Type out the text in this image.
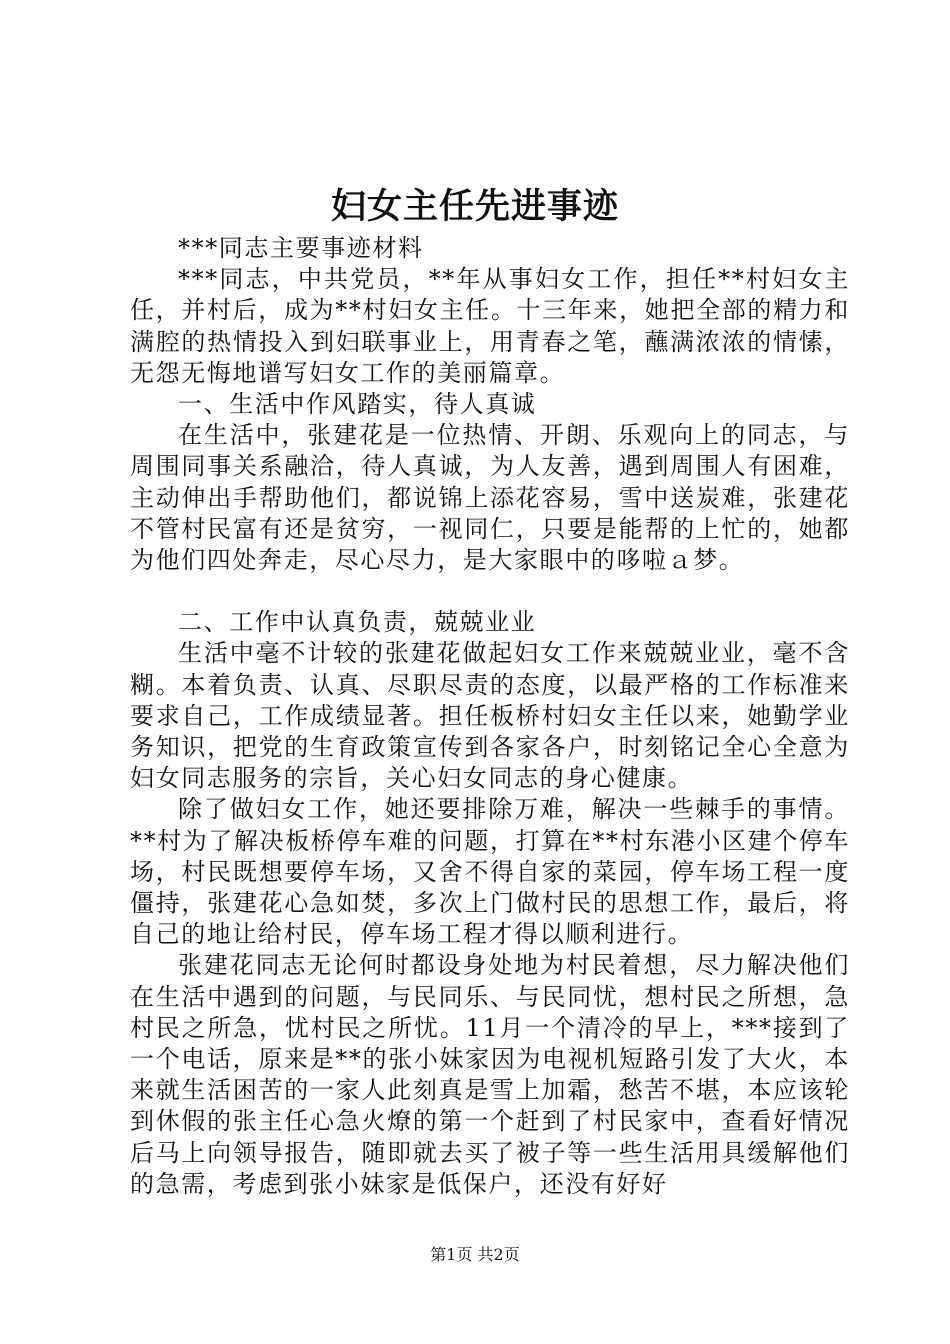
妇女主任先进事迹

***同志主要事迹材料

***同志，中共党员，**年从事妇女工作，担任**村妇女主任，并村后，成为**村妇女主任。十三年来，她把全部的精力和满腔的热情投入到妇联事业上，用青春之笔，蘸满浓浓的情愫，无怨无悔地谱写妇女工作的美丽篇章。

一、生活中作风踏实，待人真诚

在生活中，张建花是一位热情、开朗、乐观向上的同志，与周围同事关系融洽，待人真诚，为人友善，遇到周围人有困难，主动伸出手帮助他们，都说锦上添花容易，雪中送炭难，张建花不管村民富有还是贫穷，一视同仁，只要是能帮的上忙的，她都为他们四处奔走，尽心尽力，是大家眼中的哆啦ａ梦。

二、工作中认真负责，兢兢业业

生活中毫不计较的张建花做起妇女工作来兢兢业业，毫不含糊。本着负责、认真、尽职尽责的态度，以最严格的工作标准来要求自己，工作成绩显著。担任板桥村妇女主任以来，她勤学业务知识，把党的生育政策宣传到各家各户，时刻铭记全心全意为妇女同志服务的宗旨，关心妇女同志的身心健康。

除了做妇女工作，她还要排除万难，解决一些棘手的事情。**村为了解决板桥停车难的问题，打算在**村东港小区建个停车场，村民既想要停车场，又舍不得自家的菜园，停车场工程一度僵持，张建花心急如焚，多次上门做村民的思想工作，最后，将自己的地让给村民，停车场工程才得以顺利进行。

张建花同志无论何时都设身处地为村民着想，尽力解决他们在生活中遇到的问题，与民同乐、与民同忧，想村民之所想，急村民之所急，忧村民之所忧。11月一个清冷的早上，***接到了一个电话，原来是**的张小妹家因为电视机短路引发了大火，本来就生活困苦的一家人此刻真是雪上加霜，愁苦不堪，本应该轮到休假的张主任心急火燎的第一个赶到了村民家中，查看好情况后马上向领导报告，随即就去买了被子等一些生活用具缓解他们的急需，考虑到张小妹家是低保户，还没有好好

第1页 共2页
